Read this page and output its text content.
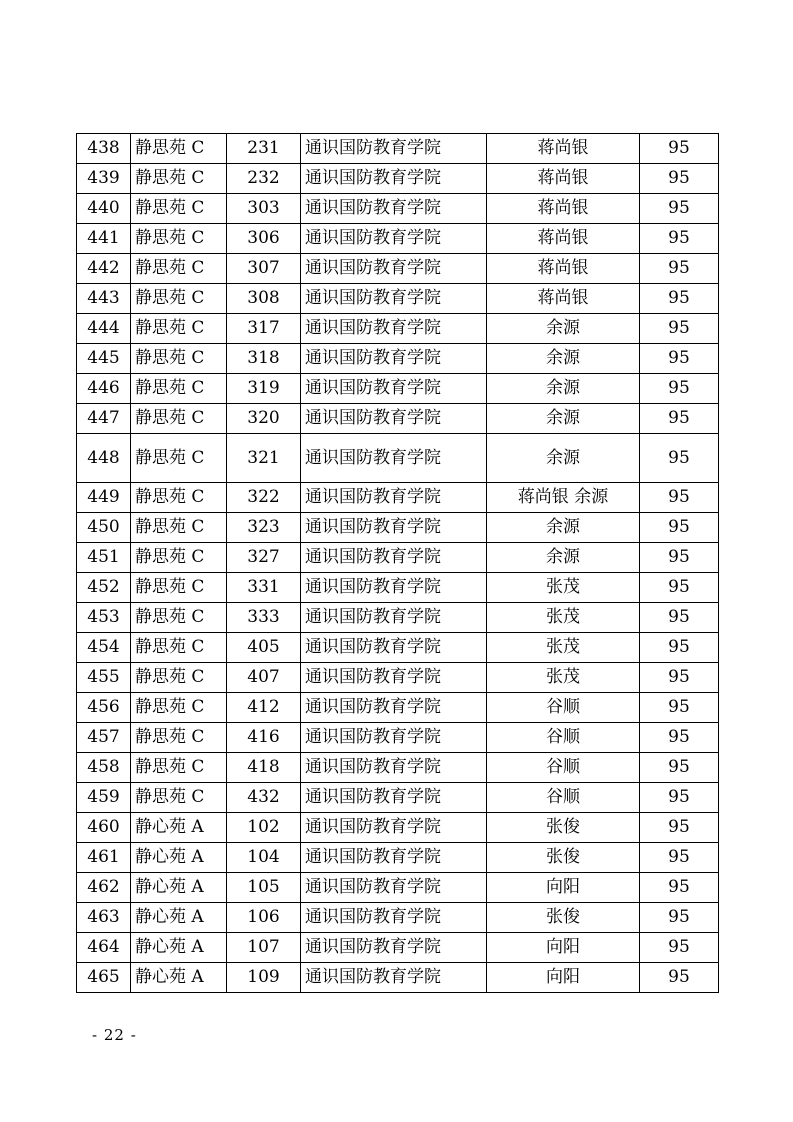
438	静思苑 C	231	通识国防教育学院	蒋尚银	95
439	静思苑 C	232	通识国防教育学院	蒋尚银	95
440	静思苑 C	303	通识国防教育学院	蒋尚银	95
441	静思苑 C	306	通识国防教育学院	蒋尚银	95
442	静思苑 C	307	通识国防教育学院	蒋尚银	95
443	静思苑 C	308	通识国防教育学院	蒋尚银	95
444	静思苑 C	317	通识国防教育学院	余源	95
445	静思苑 C	318	通识国防教育学院	余源	95
446	静思苑 C	319	通识国防教育学院	余源	95
447	静思苑 C	320	通识国防教育学院	余源	95
448	静思苑 C	321	通识国防教育学院	余源	95
449	静思苑 C	322	通识国防教育学院	蒋尚银 余源	95
450	静思苑 C	323	通识国防教育学院	余源	95
451	静思苑 C	327	通识国防教育学院	余源	95
452	静思苑 C	331	通识国防教育学院	张茂	95
453	静思苑 C	333	通识国防教育学院	张茂	95
454	静思苑 C	405	通识国防教育学院	张茂	95
455	静思苑 C	407	通识国防教育学院	张茂	95
456	静思苑 C	412	通识国防教育学院	谷顺	95
457	静思苑 C	416	通识国防教育学院	谷顺	95
458	静思苑 C	418	通识国防教育学院	谷顺	95
459	静思苑 C	432	通识国防教育学院	谷顺	95
460	静心苑 A	102	通识国防教育学院	张俊	95
461	静心苑 A	104	通识国防教育学院	张俊	95
462	静心苑 A	105	通识国防教育学院	向阳	95
463	静心苑 A	106	通识国防教育学院	张俊	95
464	静心苑 A	107	通识国防教育学院	向阳	95
465	静心苑 A	109	通识国防教育学院	向阳	95
- 22 -
